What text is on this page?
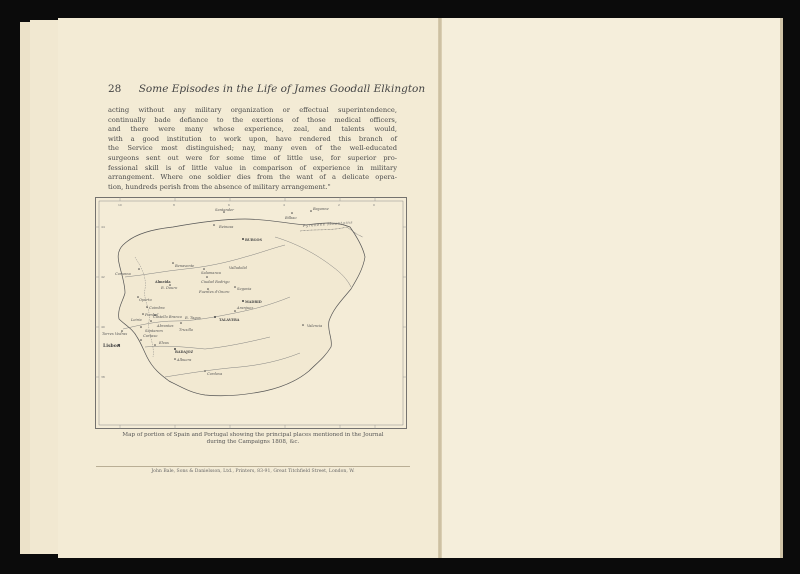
28 Some Episodes in the Life of James Goodall Elkington
acting without any military organization or effectual superintendence,
continually bade defiance to the exertions of those medical officers,
and there were many whose experience, zeal, and talents would,
with a good institution to work upon, have rendered this branch of
the Service most distinguished; nay, many even of the well-educated
surgeons sent out were for some time of little use, for superior pro-
fessional skill is of little value in comparison of experience in military
arrangement. Where one soldier dies from the want of a delicate opera-
tion, hundreds perish from the absence of military arrangement."
10	8	6	4	2	0
44
42
40
38
Pyrenees Mountains
Santander
Bilbao
Bayonne
Reinosa
BURGOS
Corunna
Benavente	Valladolid
Salamanca
Almeida	Ciudad Rodrigo
Fuentes d'Onoro
Segovia
MADRID
Oporto
Coimbra
Pombal
Leiria
Castello Branco
Abrantes
Santarem
Cartaxo
Torres Vedras
Lisbon
R. Tagus	TALAVERA
Aranjuez
Truxillo
Elvas
BADAJOZ
Albuera
Valencia
Cordova
R. Douro
Map of portion of Spain and Portugal showing the principal places mentioned in the Journal during the Campaigns 1808, &c.
John Bale, Sons & Danielsson, Ltd., Printers, 83-91, Great Titchfield Street, London, W.
